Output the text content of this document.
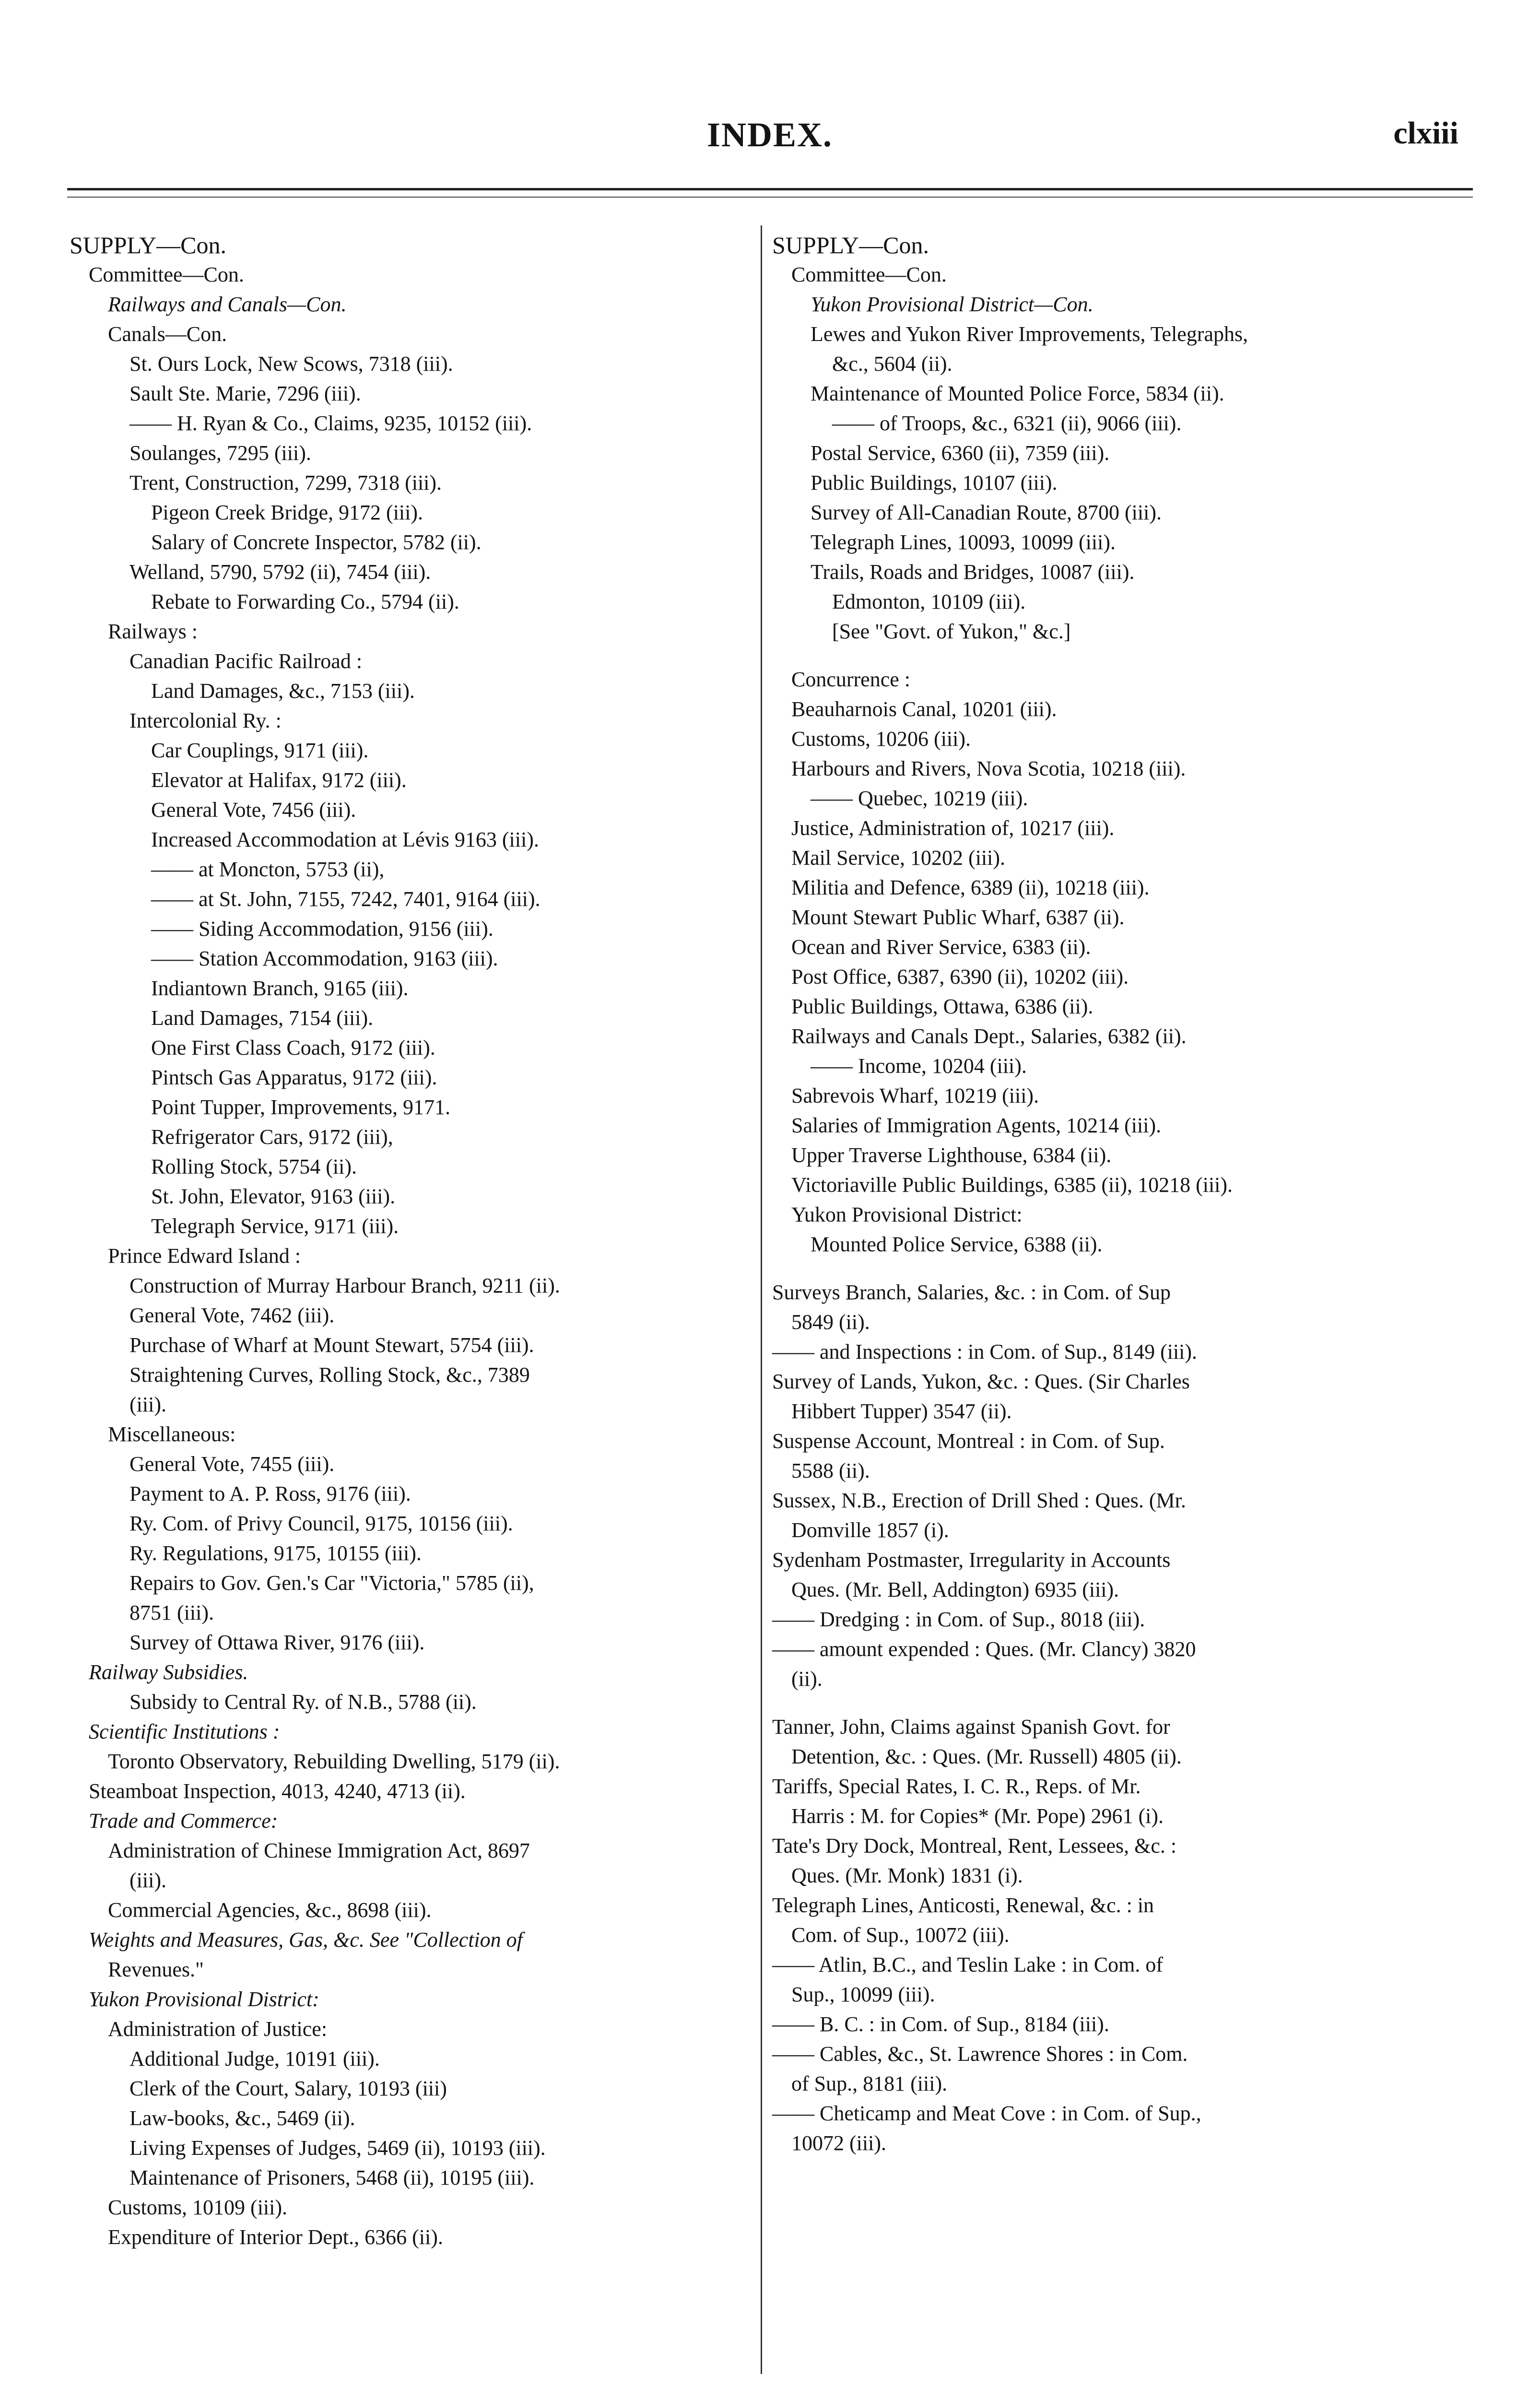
INDEX.	clxiii
SUPPLY—Con.
Committee—Con.
Railways and Canals—Con.
Canals—Con.
St. Ours Lock, New Scows, 7318 (iii).
Sault Ste. Marie, 7296 (iii).
—— H. Ryan & Co., Claims, 9235, 10152 (iii).
Soulanges, 7295 (iii).
Trent, Construction, 7299, 7318 (iii).
Pigeon Creek Bridge, 9172 (iii).
Salary of Concrete Inspector, 5782 (ii).
Welland, 5790, 5792 (ii), 7454 (iii).
Rebate to Forwarding Co., 5794 (ii).
Railways :
Canadian Pacific Railroad :
Land Damages, &c., 7153 (iii).
Intercolonial Ry. :
Car Couplings, 9171 (iii).
Elevator at Halifax, 9172 (iii).
General Vote, 7456 (iii).
Increased Accommodation at Lévis 9163 (iii).
—— at Moncton, 5753 (ii),
—— at St. John, 7155, 7242, 7401, 9164 (iii).
—— Siding Accommodation, 9156 (iii).
—— Station Accommodation, 9163 (iii).
Indiantown Branch, 9165 (iii).
Land Damages, 7154 (iii).
One First Class Coach, 9172 (iii).
Pintsch Gas Apparatus, 9172 (iii).
Point Tupper, Improvements, 9171.
Refrigerator Cars, 9172 (iii),
Rolling Stock, 5754 (ii).
St. John, Elevator, 9163 (iii).
Telegraph Service, 9171 (iii).
Prince Edward Island :
Construction of Murray Harbour Branch, 9211 (ii).
General Vote, 7462 (iii).
Purchase of Wharf at Mount Stewart, 5754 (iii).
Straightening Curves, Rolling Stock, &c., 7389
(iii).
Miscellaneous:
General Vote, 7455 (iii).
Payment to A. P. Ross, 9176 (iii).
Ry. Com. of Privy Council, 9175, 10156 (iii).
Ry. Regulations, 9175, 10155 (iii).
Repairs to Gov. Gen.'s Car "Victoria," 5785 (ii),
8751 (iii).
Survey of Ottawa River, 9176 (iii).
Railway Subsidies.
Subsidy to Central Ry. of N.B., 5788 (ii).
Scientific Institutions :
Toronto Observatory, Rebuilding Dwelling, 5179 (ii).
Steamboat Inspection, 4013, 4240, 4713 (ii).
Trade and Commerce:
Administration of Chinese Immigration Act, 8697
(iii).
Commercial Agencies, &c., 8698 (iii).
Weights and Measures, Gas, &c. See "Collection of
Revenues."
Yukon Provisional District:
Administration of Justice:
Additional Judge, 10191 (iii).
Clerk of the Court, Salary, 10193 (iii)
Law-books, &c., 5469 (ii).
Living Expenses of Judges, 5469 (ii), 10193 (iii).
Maintenance of Prisoners, 5468 (ii), 10195 (iii).
Customs, 10109 (iii).
Expenditure of Interior Dept., 6366 (ii).
SUPPLY—Con.
Committee—Con.
Yukon Provisional District—Con.
Lewes and Yukon River Improvements, Telegraphs,
&c., 5604 (ii).
Maintenance of Mounted Police Force, 5834 (ii).
—— of Troops, &c., 6321 (ii), 9066 (iii).
Postal Service, 6360 (ii), 7359 (iii).
Public Buildings, 10107 (iii).
Survey of All-Canadian Route, 8700 (iii).
Telegraph Lines, 10093, 10099 (iii).
Trails, Roads and Bridges, 10087 (iii).
Edmonton, 10109 (iii).
[See "Govt. of Yukon," &c.]
Concurrence :
Beauharnois Canal, 10201 (iii).
Customs, 10206 (iii).
Harbours and Rivers, Nova Scotia, 10218 (iii).
—— Quebec, 10219 (iii).
Justice, Administration of, 10217 (iii).
Mail Service, 10202 (iii).
Militia and Defence, 6389 (ii), 10218 (iii).
Mount Stewart Public Wharf, 6387 (ii).
Ocean and River Service, 6383 (ii).
Post Office, 6387, 6390 (ii), 10202 (iii).
Public Buildings, Ottawa, 6386 (ii).
Railways and Canals Dept., Salaries, 6382 (ii).
—— Income, 10204 (iii).
Sabrevois Wharf, 10219 (iii).
Salaries of Immigration Agents, 10214 (iii).
Upper Traverse Lighthouse, 6384 (ii).
Victoriaville Public Buildings, 6385 (ii), 10218 (iii).
Yukon Provisional District:
Mounted Police Service, 6388 (ii).
Surveys Branch, Salaries, &c. : in Com. of Sup
5849 (ii).
—— and Inspections : in Com. of Sup., 8149 (iii).
Survey of Lands, Yukon, &c. : Ques. (Sir Charles
Hibbert Tupper) 3547 (ii).
Suspense Account, Montreal : in Com. of Sup.
5588 (ii).
Sussex, N.B., Erection of Drill Shed : Ques. (Mr.
Domville 1857 (i).
Sydenham Postmaster, Irregularity in Accounts
Ques. (Mr. Bell, Addington) 6935 (iii).
—— Dredging : in Com. of Sup., 8018 (iii).
—— amount expended : Ques. (Mr. Clancy) 3820
(ii).
Tanner, John, Claims against Spanish Govt. for
Detention, &c. : Ques. (Mr. Russell) 4805 (ii).
Tariffs, Special Rates, I. C. R., Reps. of Mr.
Harris : M. for Copies* (Mr. Pope) 2961 (i).
Tate's Dry Dock, Montreal, Rent, Lessees, &c. :
Ques. (Mr. Monk) 1831 (i).
Telegraph Lines, Anticosti, Renewal, &c. : in
Com. of Sup., 10072 (iii).
—— Atlin, B.C., and Teslin Lake : in Com. of
Sup., 10099 (iii).
—— B. C. : in Com. of Sup., 8184 (iii).
—— Cables, &c., St. Lawrence Shores : in Com.
of Sup., 8181 (iii).
—— Cheticamp and Meat Cove : in Com. of Sup.,
10072 (iii).
